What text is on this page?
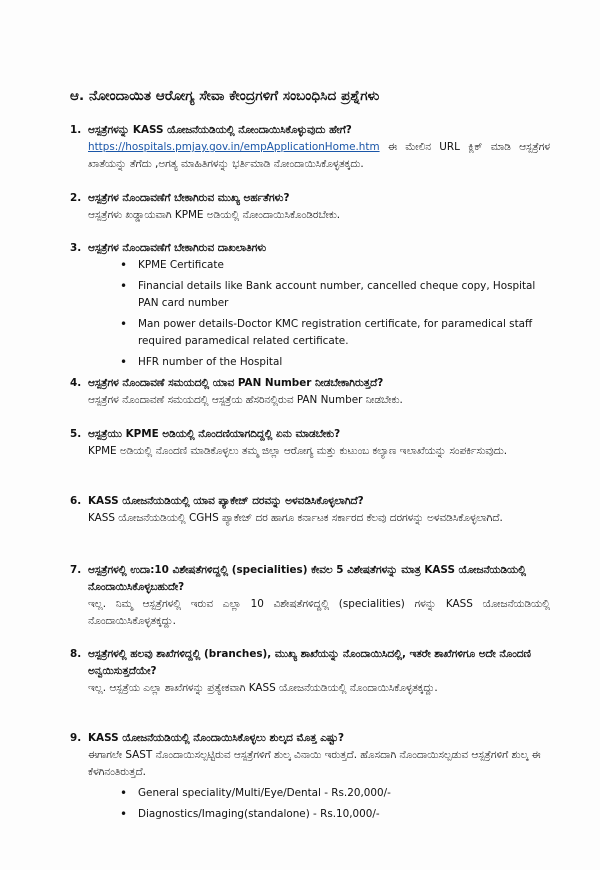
ಆ. ನೋಂದಾಯಿತ ಆರೋಗ್ಯ ಸೇವಾ ಕೇಂದ್ರಗಳಿಗೆ ಸಂಬಂಧಿಸಿದ ಪ್ರಶ್ನೆಗಳು
1. ಆಸ್ಪತ್ರೆಗಳನ್ನು KASS ಯೋಜನೆಯಡಿಯಲ್ಲಿ ನೋಂದಾಯಿಸಿಕೊಳ್ಳುವುದು ಹೇಗೆ?
https://hospitals.pmjay.gov.in/empApplicationHome.htm ಈ ಮೇಲಿನ URL ಕ್ಲಿಕ್ ಮಾಡಿ ಆಸ್ಪತ್ರೆಗಳ ಖಾತೆಯನ್ನು ತೆಗೆದು ,ಅಗತ್ಯ ಮಾಹಿತಿಗಳನ್ನು ಭರ್ತಿಮಾಡಿ ನೋಂದಾಯಿಸಿಕೊಳ್ಳತಕ್ಕದು.
2. ಆಸ್ಪತ್ರೆಗಳ ನೊಂದಾವಣೆಗೆ ಬೇಕಾಗಿರುವ ಮುಖ್ಯ ಅರ್ಹತೆಗಳು?
ಆಸ್ಪತ್ರೆಗಳು ಖಡ್ಡಾಯವಾಗಿ KPME ಅಡಿಯಲ್ಲಿ ನೋಂದಾಯಿಸಿಕೊಂಡಿರಬೇಕು.
3. ಆಸ್ಪತ್ರೆಗಳ ನೊಂದಾವಣೆಗೆ ಬೇಕಾಗಿರುವ ದಾಖಲಾತಿಗಳು
• KPME Certificate
• Financial details like Bank account number, cancelled cheque copy, Hospital PAN card number
• Man power details-Doctor KMC registration certificate, for paramedical staff required paramedical related certificate.
• HFR number of the Hospital
4. ಆಸ್ಪತ್ರೆಗಳ ನೊಂದಾವಣೆ ಸಮಯದಲ್ಲಿ ಯಾವ PAN Number ನೀಡಬೇಕಾಗಿರುತ್ತದೆ?
ಆಸ್ಪತ್ರೆಗಳ ನೊಂದಾವಣೆ ಸಮಯದಲ್ಲಿ ಆಸ್ಪತ್ರೆಯ ಹೆಸರಿನಲ್ಲಿರುವ PAN Number ನೀಡಬೇಕು.
5. ಆಸ್ಪತ್ರೆಯು KPME ಅಡಿಯಲ್ಲಿ ನೊಂದಣಿಯಾಗದಿದ್ದಲ್ಲಿ ಏನು ಮಾಡಬೇಕು?
KPME ಅಡಿಯಲ್ಲಿ ನೊಂದಣಿ ಮಾಡಿಕೊಳ್ಳಲು ತಮ್ಮ ಜಿಲ್ಲಾ ಆರೋಗ್ಯ ಮತ್ತು ಕುಟುಂಬ ಕಲ್ಯಾಣ ಇಲಾಖೆಯನ್ನು ಸಂಪರ್ಕಿಸುವುದು.
6. KASS ಯೋಜನೆಯಡಿಯಲ್ಲಿ ಯಾವ ಪ್ಯಾಕೇಜ್ ದರವನ್ನು ಅಳವಡಿಸಿಕೊಳ್ಳಲಾಗಿದೆ?
KASS ಯೋಜನೆಯಡಿಯಲ್ಲಿ CGHS ಪ್ಯಾಕೇಜ್ ದರ ಹಾಗೂ ಕರ್ನಾಟಕ ಸರ್ಕಾರದ ಕೆಲವು ದರಗಳನ್ನು ಅಳವಡಿಸಿಕೊಳ್ಳಲಾಗಿದೆ.
7. ಆಸ್ಪತ್ರೆಗಳಲ್ಲಿ ಉದಾ:10 ವಿಶೇಷತೆಗಳಿದ್ದಲ್ಲಿ (specialities) ಕೇವಲ 5 ವಿಶೇಷತೆಗಳನ್ನು ಮಾತ್ರ KASS ಯೋಜನೆಯಡಿಯಲ್ಲಿ ನೊಂದಾಯಿಸಿಕೊಳ್ಳಬಹುದೇ?
ಇಲ್ಲ. ನಿಮ್ಮ ಆಸ್ಪತ್ರೆಗಳಲ್ಲಿ ಇರುವ ಎಲ್ಲಾ 10 ವಿಶೇಷತೆಗಳಿದ್ದಲ್ಲಿ (specialities) ಗಳನ್ನು KASS ಯೋಜನೆಯಡಿಯಲ್ಲಿ ನೊಂದಾಯಿಸಿಕೊಳ್ಳತಕ್ಕದ್ದು.
8. ಆಸ್ಪತ್ರೆಗಳಲ್ಲಿ ಹಲವು ಶಾಖೆಗಳಿದ್ದಲ್ಲಿ (branches), ಮುಖ್ಯ ಶಾಖೆಯನ್ನು ನೊಂದಾಯಿಸಿದಲ್ಲಿ, ಇತರೇ ಶಾಖೆಗಳಿಗೂ ಅದೇ ನೊಂದಣಿ ಅನ್ವಯಿಸುತ್ತದೆಯೇ?
ಇಲ್ಲ. ಆಸ್ಪತ್ರೆಯ ಎಲ್ಲಾ ಶಾಖೆಗಳನ್ನು ಪ್ರತ್ಯೇಕವಾಗಿ KASS ಯೋಜನೆಯಡಿಯಲ್ಲಿ ನೊಂದಾಯಿಸಿಕೊಳ್ಳತಕ್ಕದ್ದು.
9. KASS ಯೋಜನೆಯಡಿಯಲ್ಲಿ ನೊಂದಾಯಿಸಿಕೊಳ್ಳಲು ಶುಲ್ಕದ ಮೊತ್ತ ಎಷ್ಟು?
ಈಗಾಗಲೇ SAST ನೊಂದಾಯಿಸಲ್ಪಟ್ಟಿರುವ ಆಸ್ಪತ್ರೆಗಳಿಗೆ ಶುಲ್ಕ ವಿನಾಯಿ ಇರುತ್ತದೆ. ಹೊಸದಾಗಿ ನೊಂದಾಯಿಸಲ್ಪಡುವ ಆಸ್ಪತ್ರೆಗಳಿಗೆ ಶುಲ್ಕ ಈ ಕೆಳಗಿನಂತಿರುತ್ತದೆ.
• General speciality/Multi/Eye/Dental - Rs.20,000/-
• Diagnostics/Imaging(standalone) - Rs.10,000/-
